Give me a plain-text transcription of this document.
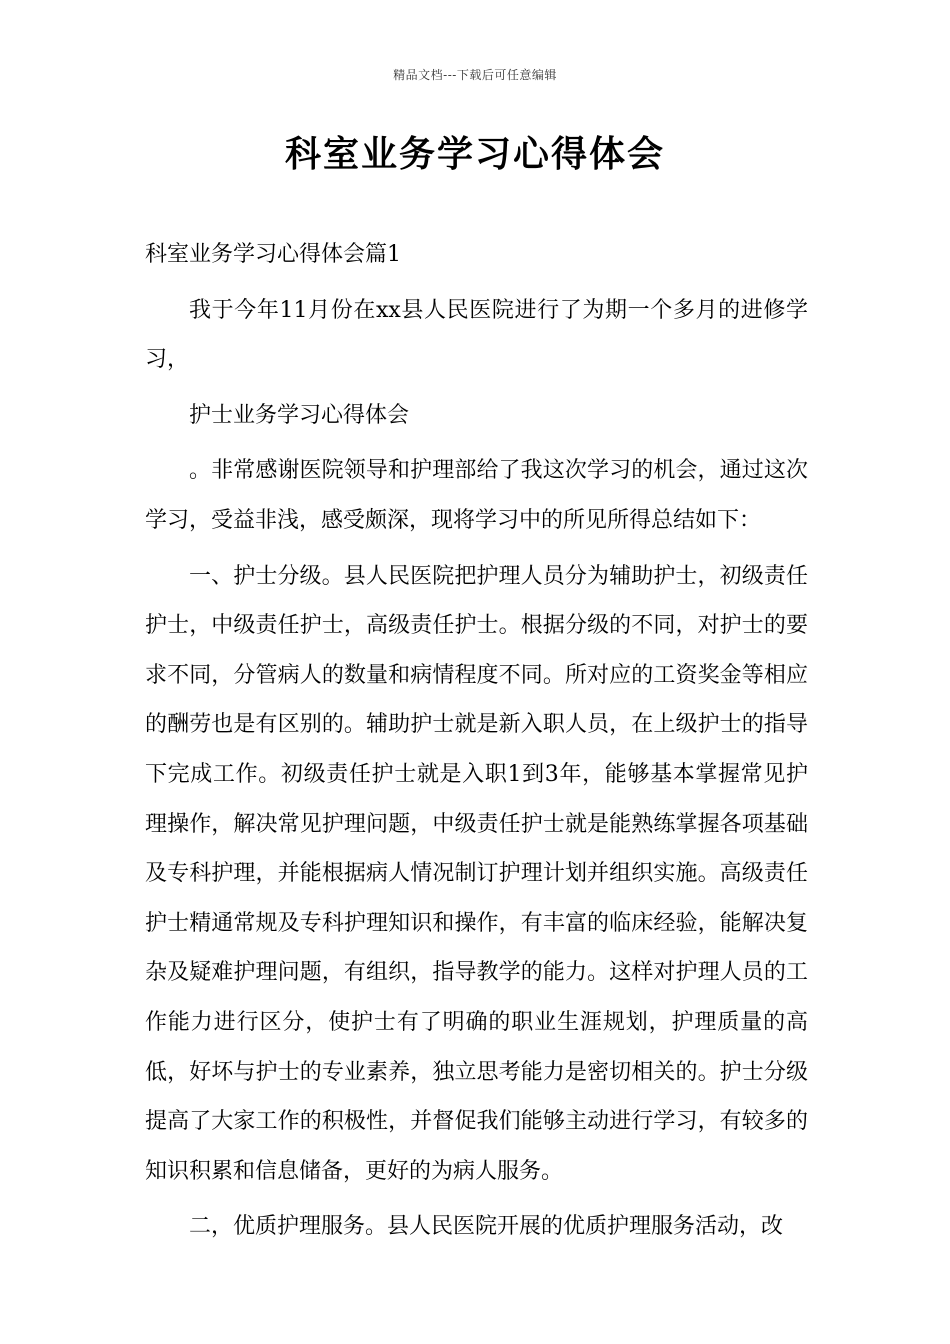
精品文档---下载后可任意编辑
科室业务学习心得体会

科室业务学习心得体会篇1

我于今年11月份在xx县人民医院进行了为期一个多月的进修学习，

护士业务学习心得体会

。非常感谢医院领导和护理部给了我这次学习的机会，通过这次学习，受益非浅，感受颇深，现将学习中的所见所得总结如下：

一、护士分级。县人民医院把护理人员分为辅助护士，初级责任护士，中级责任护士，高级责任护士。根据分级的不同，对护士的要求不同，分管病人的数量和病情程度不同。所对应的工资奖金等相应的酬劳也是有区别的。辅助护士就是新入职人员，在上级护士的指导下完成工作。初级责任护士就是入职1到3年，能够基本掌握常见护理操作，解决常见护理问题，中级责任护士就是能熟练掌握各项基础及专科护理，并能根据病人情况制订护理计划并组织实施。高级责任护士精通常规及专科护理知识和操作，有丰富的临床经验，能解决复杂及疑难护理问题，有组织，指导教学的能力。这样对护理人员的工作能力进行区分，使护士有了明确的职业生涯规划，护理质量的高低，好坏与护士的专业素养，独立思考能力是密切相关的。护士分级提高了大家工作的积极性，并督促我们能够主动进行学习，有较多的知识积累和信息储备，更好的为病人服务。

二，优质护理服务。县人民医院开展的优质护理服务活动，改
